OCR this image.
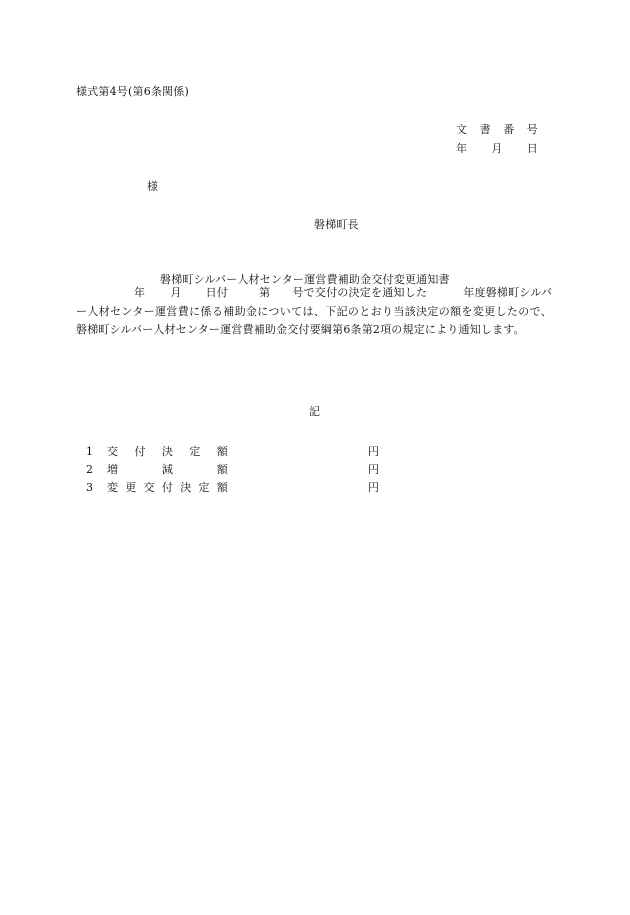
様式第4号(第6条関係)
文 書 番 号
年 月 日
様
磐梯町長
磐梯町シルバー人材センター運営費補助金交付変更通知書
年 月 日付	第 号で交付の決定を通知した	年度磐梯町シルバー人材センター運営費に係る補助金については、下記のとおり当該決定の額を変更したので、磐梯町シルバー人材センター運営費補助金交付要綱第6条第2項の規定により通知します。
記
1 交 付 決 定 額	円
2 増	減	額	円
3 変 更 交 付 決 定 額	円
